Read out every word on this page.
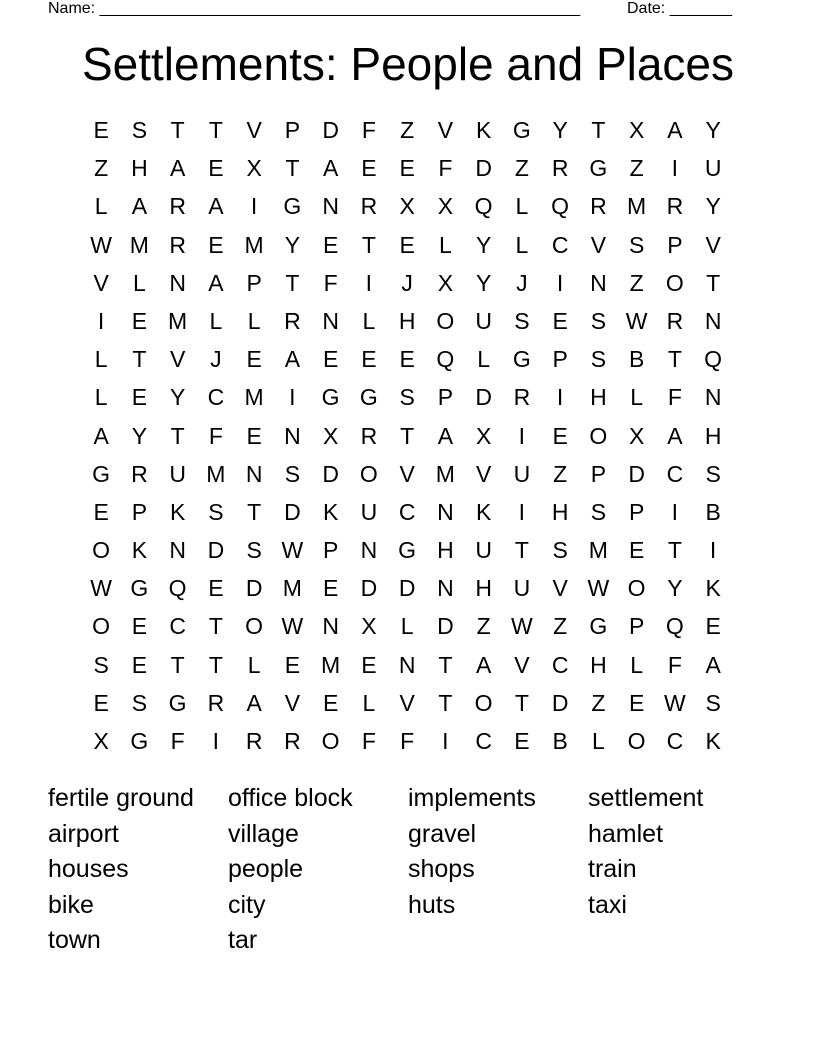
Name: ______________________________________________________	Date: _______
Settlements: People and Places
E S	T	T	V P D F	Z	V K G Y	T	X A Y
Z H A E X	T	A E E	F D Z R G Z	I	U
L	A R A	I	G N R X X Q L Q R M R Y
W M R E M Y E	T	E	L	Y	L	C V S P V
V	L	N A P	T	F	I	J	X Y	J	I	N Z O T
I	E M L	L	R N	L	H O U S E S W R N
L	T	V	J	E A E E E Q L G P S B	T Q
L	E Y C M	I	G G S P D R	I	H	L	F N
A Y	T	F	E N X R T	A X	I	E O X A H
G R U M N S D O V M V U Z	P D C S
E P K S	T D K U C N K	I	H S P	I	B
O K N D S W P N G H U T	S M E	T	I
W G Q E D M E D D N H U V W O Y K
O E C T O W N X	L	D Z W Z G P Q E
S E	T	T	L	E M E N T	A V C H	L	F	A
E S G R A V E	L	V	T O T D Z	E W S
X G F	I	R R O F	F	I	C E B	L O C K
fertile ground	office block	implements	settlement
airport	village	gravel	hamlet
houses	people	shops	train
bike	city	huts	taxi
town	tar
